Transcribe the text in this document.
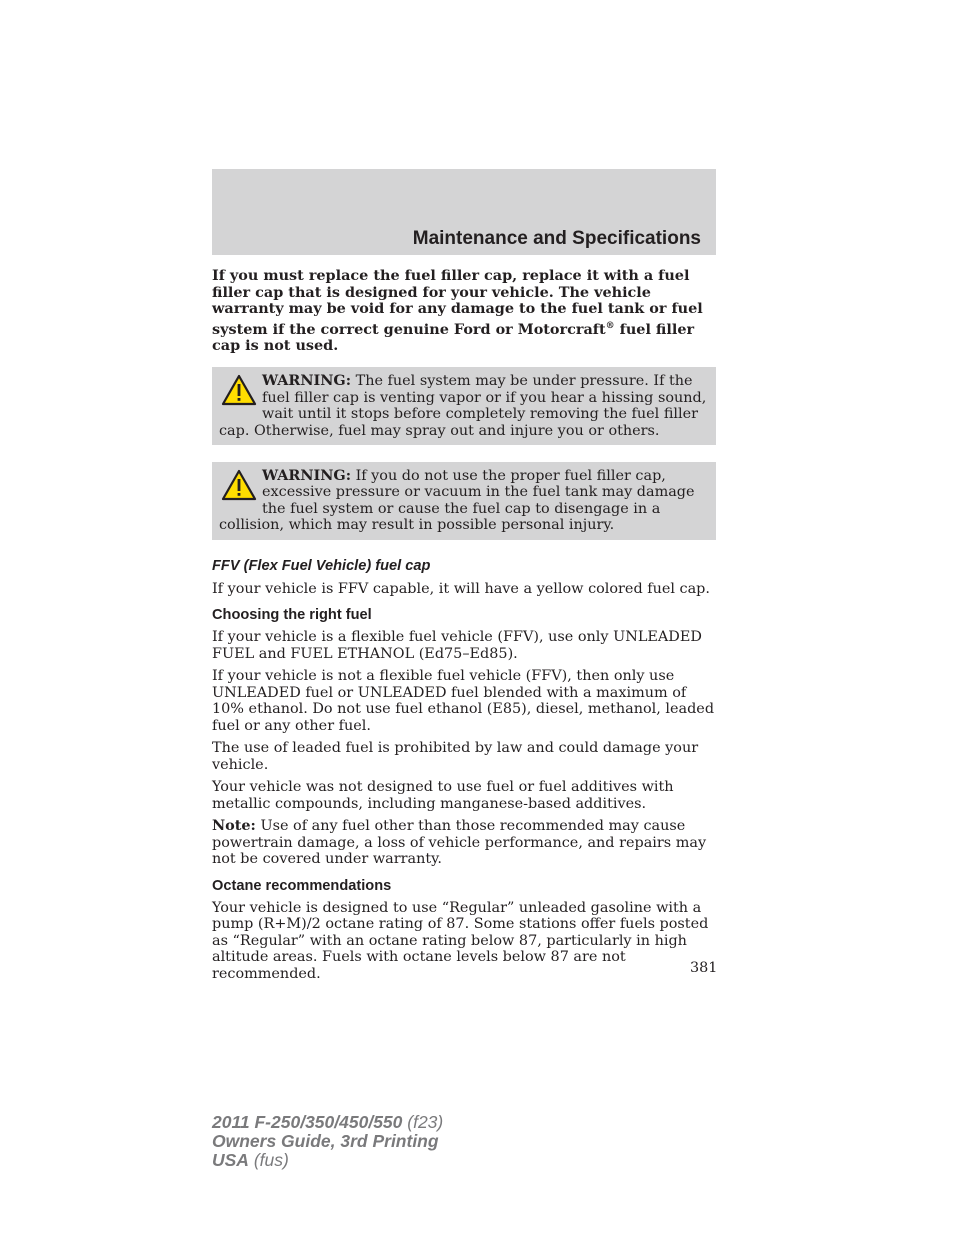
Maintenance and Specifications

If you must replace the fuel filler cap, replace it with a fuel filler cap that is designed for your vehicle. The vehicle warranty may be void for any damage to the fuel tank or fuel system if the correct genuine Ford or Motorcraft® fuel filler cap is not used.

WARNING: The fuel system may be under pressure. If the fuel filler cap is venting vapor or if you hear a hissing sound, wait until it stops before completely removing the fuel filler cap. Otherwise, fuel may spray out and injure you or others.

WARNING: If you do not use the proper fuel filler cap, excessive pressure or vacuum in the fuel tank may damage the fuel system or cause the fuel cap to disengage in a collision, which may result in possible personal injury.

FFV (Flex Fuel Vehicle) fuel cap

If your vehicle is FFV capable, it will have a yellow colored fuel cap.

Choosing the right fuel

If your vehicle is a flexible fuel vehicle (FFV), use only UNLEADED FUEL and FUEL ETHANOL (Ed75–Ed85).

If your vehicle is not a flexible fuel vehicle (FFV), then only use UNLEADED fuel or UNLEADED fuel blended with a maximum of 10% ethanol. Do not use fuel ethanol (E85), diesel, methanol, leaded fuel or any other fuel.

The use of leaded fuel is prohibited by law and could damage your vehicle.

Your vehicle was not designed to use fuel or fuel additives with metallic compounds, including manganese-based additives.

Note: Use of any fuel other than those recommended may cause powertrain damage, a loss of vehicle performance, and repairs may not be covered under warranty.

Octane recommendations

Your vehicle is designed to use “Regular” unleaded gasoline with a pump (R+M)/2 octane rating of 87. Some stations offer fuels posted as “Regular” with an octane rating below 87, particularly in high altitude areas. Fuels with octane levels below 87 are not recommended.	381
2011 F-250/350/450/550 (f23)
Owners Guide, 3rd Printing
USA (fus)
